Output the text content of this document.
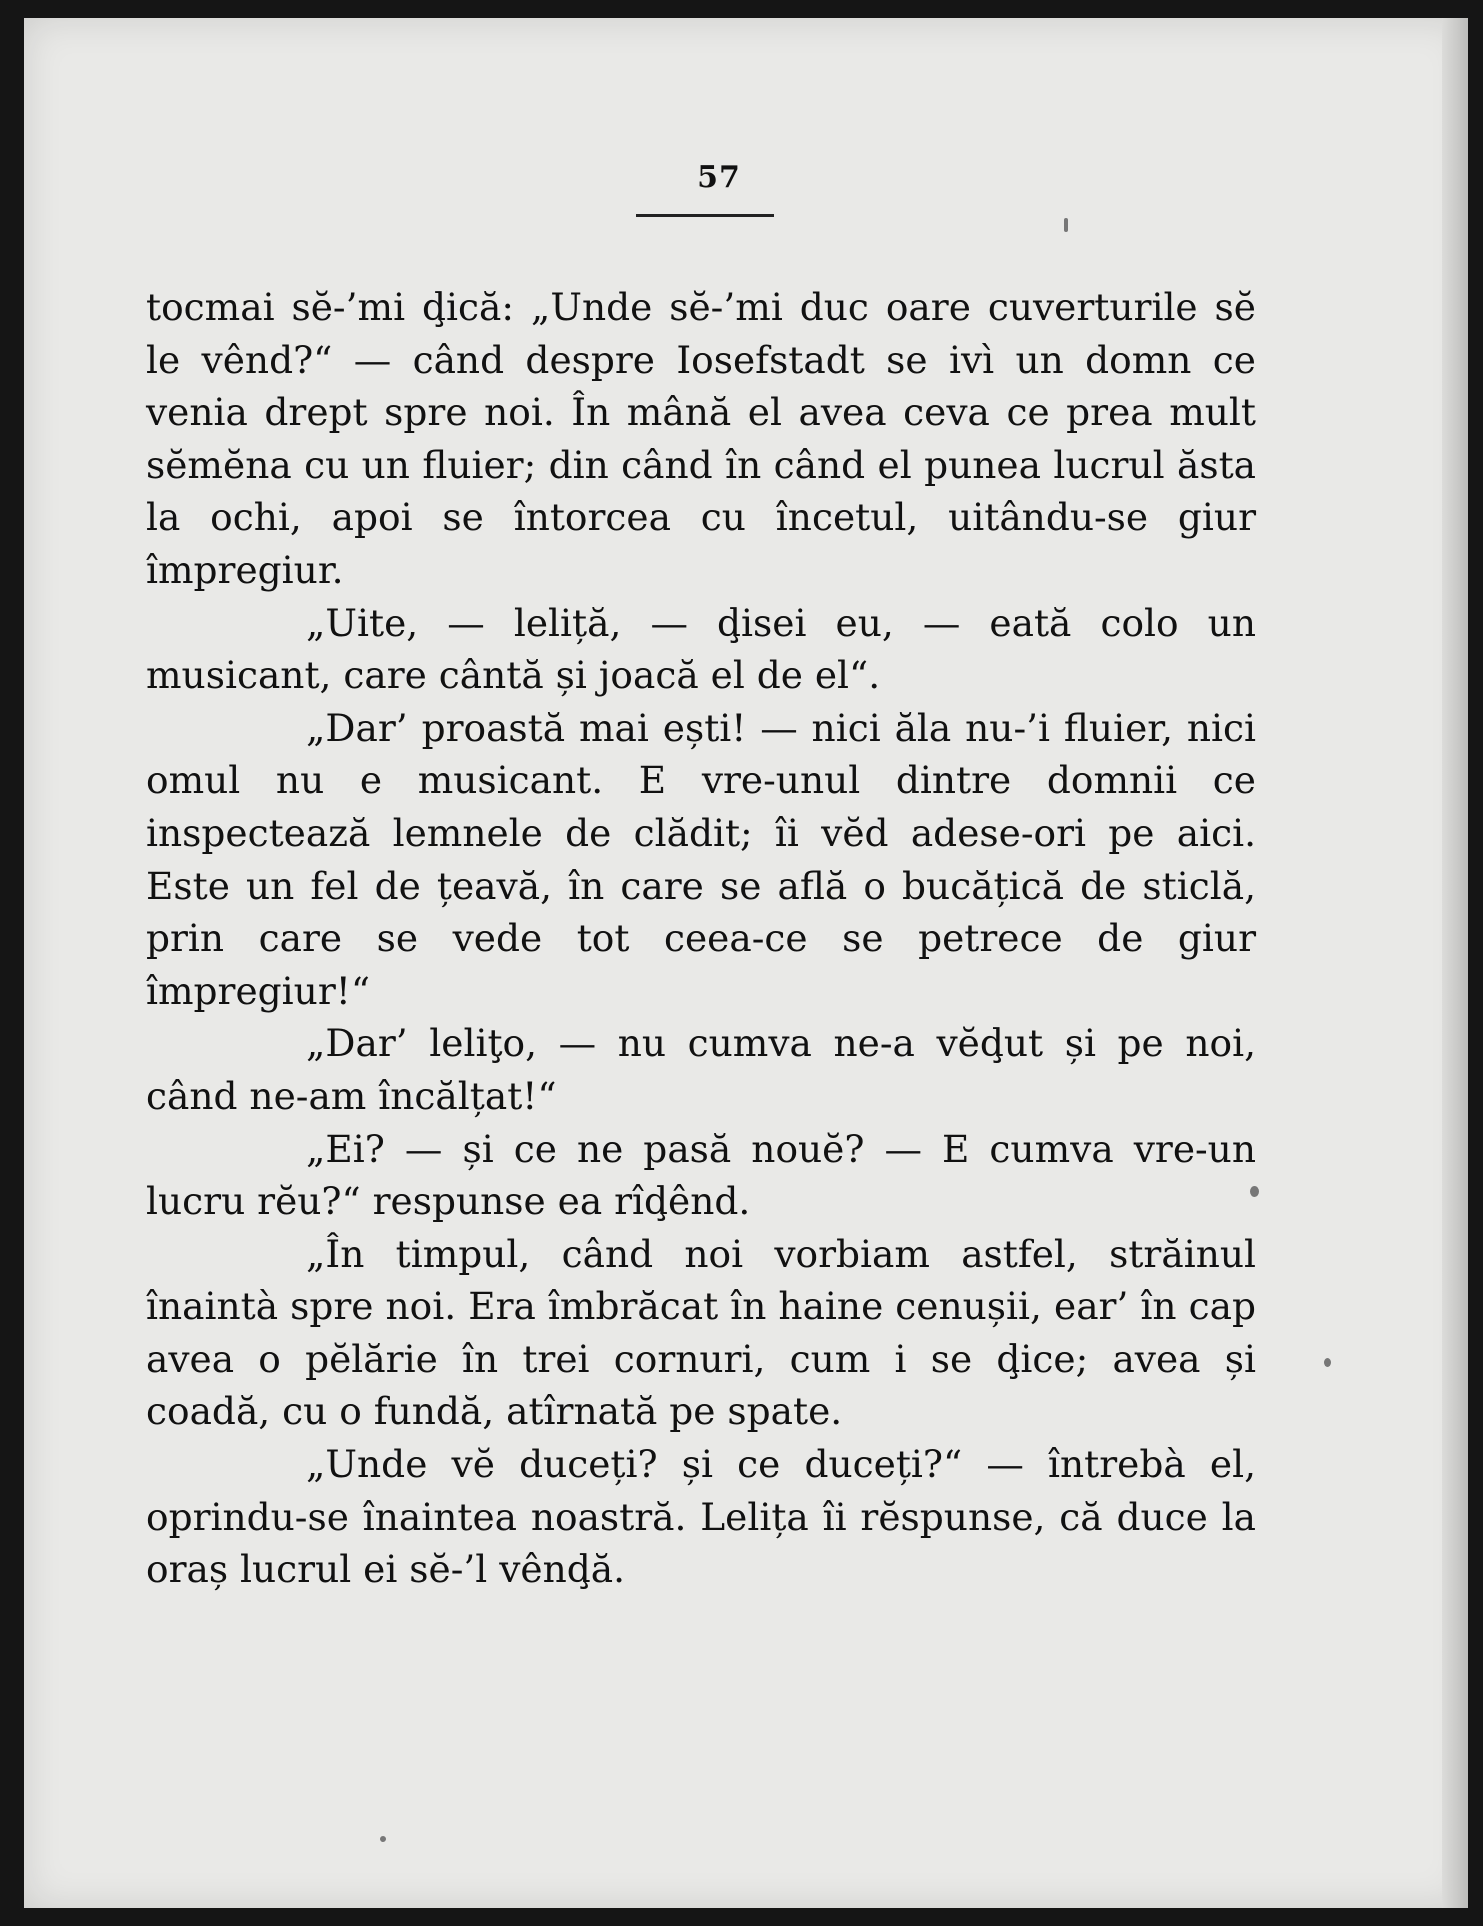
57

tocmai sĕ-’mi ḑică: „Unde sĕ-’mi duc oare cuverturile sĕ le vênd?“ — când despre Iosefstadt se ivì un domn ce venia drept spre noi. În mână el avea ceva ce prea mult sĕmĕna cu un fluier; din când în când el punea lucrul ăsta la ochi, apoi se întorcea cu încetul, uitându-se giur împregiur.

„Uite, — leliță, — ḑisei eu, — eată colo un musicant, care cântă și joacă el de el“.

„Dar’ proastă mai ești! — nici ăla nu-’i fluier, nici omul nu e musicant. E vre-unul dintre domnii ce inspectează lemnele de clădit; îi vĕd adese-ori pe aici. Este un fel de țeavă, în care se află o bucățică de sticlă, prin care se vede tot ceea-ce se petrece de giur împregiur!“

„Dar’ leliţo, — nu cumva ne-a vĕḑut și pe noi, când ne-am încălțat!“

„Ei? — și ce ne pasă nouĕ? — E cumva vre-un lucru rĕu?“ respunse ea rîḑênd.

„În timpul, când noi vorbiam astfel, străinul înaintà spre noi. Era îmbrăcat în haine cenușii, ear’ în cap avea o pĕlărie în trei cornuri, cum i se ḑice; avea și coadă, cu o fundă, atîrnată pe spate.

„Unde vĕ duceți? și ce duceți?“ — întrebà el, oprindu-se înaintea noastră. Lelița îi rĕspunse, că duce la oraș lucrul ei sĕ-’l vênḑă.
